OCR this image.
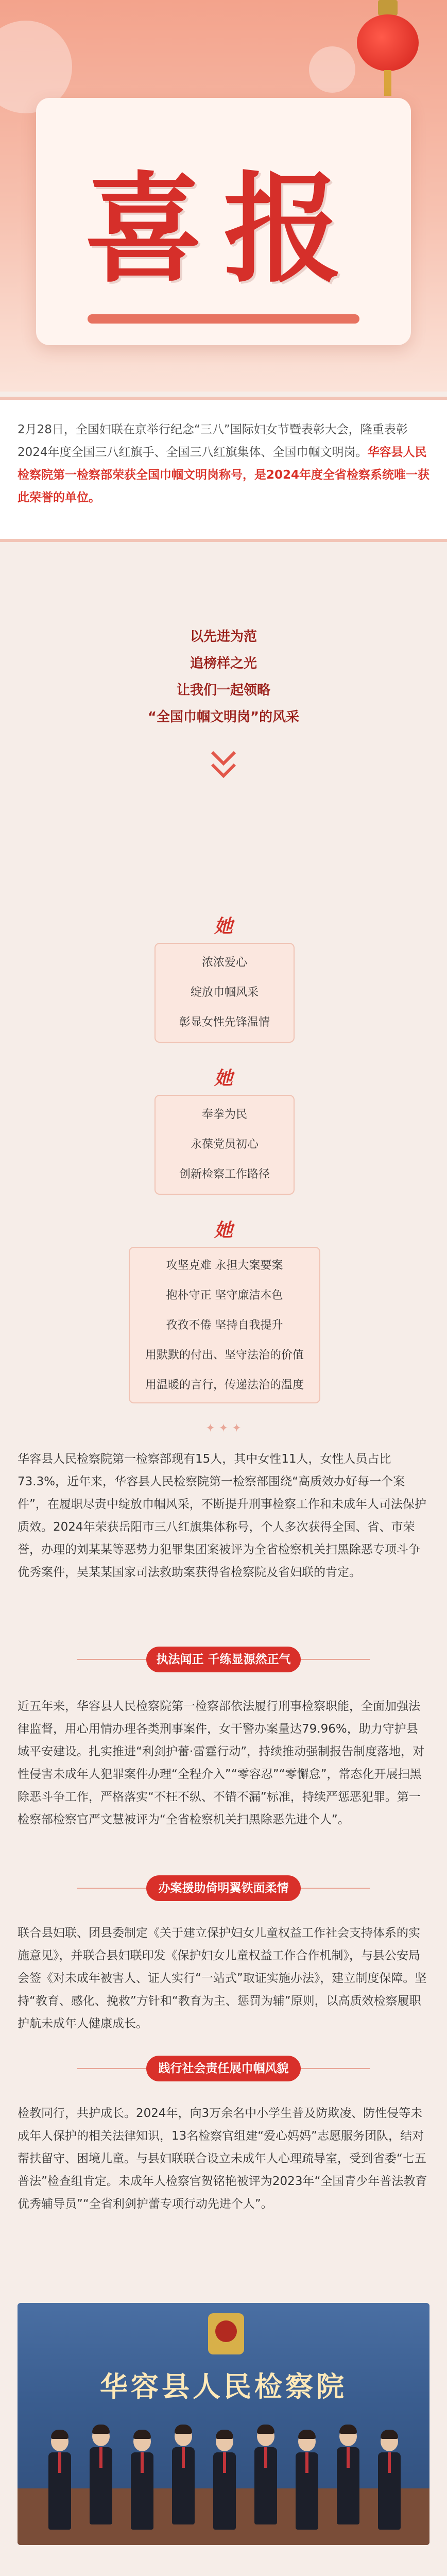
喜报

2月28日，全国妇联在京举行纪念“三八”国际妇女节暨表彰大会，隆重表彰2024年度全国三八红旗手、全国三八红旗集体、全国巾帼文明岗。华容县人民检察院第一检察部荣获全国巾帼文明岗称号，是2024年度全省检察系统唯一获此荣誉的单位。

以先进为范
追榜样之光
让我们一起领略
“全国巾帼文明岗”的风采
她
浓浓爱心
绽放巾帼风采
彰显女性先锋温情
她
奉拳为民
永葆党员初心
创新检察工作路径
她
攻坚克难 永担大案要案
抱朴守正 坚守廉洁本色
孜孜不倦 坚持自我提升
用默默的付出、坚守法治的价值
用温暖的言行，传递法治的温度
✦ ✦ ✦

华容县人民检察院第一检察部现有15人，其中女性11人，女性人员占比73.3%，近年来，华容县人民检察院第一检察部围绕“高质效办好每一个案件”，在履职尽责中绽放巾帼风采，不断提升刑事检察工作和未成年人司法保护质效。2024年荣获岳阳市三八红旗集体称号，个人多次获得全国、省、市荣誉，办理的刘某某等恶势力犯罪集团案被评为全省检察机关扫黑除恶专项斗争优秀案件，吴某某国家司法救助案获得省检察院及省妇联的肯定。

执法闻正 千练显源然正气

近五年来，华容县人民检察院第一检察部依法履行刑事检察职能，全面加强法律监督，用心用情办理各类刑事案件，女干警办案量达79.96%，助力守护县域平安建设。扎实推进“利剑护蕾·雷霆行动”，持续推动强制报告制度落地，对性侵害未成年人犯罪案件办理“全程介入”“零容忍”“零懈怠”，常态化开展扫黑除恶斗争工作，严格落实“不枉不纵、不错不漏”标准，持续严惩恶犯罪。第一检察部检察官严文慧被评为“全省检察机关扫黑除恶先进个人”。

办案援助倚明翼铁面柔情

联合县妇联、团县委制定《关于建立保护妇女儿童权益工作社会支持体系的实施意见》，并联合县妇联印发《保护妇女儿童权益工作合作机制》，与县公安局会签《对未成年被害人、证人实行“一站式”取证实施办法》，建立制度保障。坚持“教育、感化、挽救”方针和“教育为主、惩罚为辅”原则，以高质效检察履职护航未成年人健康成长。

践行社会责任展巾帼风貌

检教同行，共护成长。2024年，向3万余名中小学生普及防欺凌、防性侵等未成年人保护的相关法律知识，13名检察官组建“爱心妈妈”志愿服务团队，结对帮扶留守、困境儿童。与县妇联联合设立未成年人心理疏导室，受到省委“七五普法”检查组肯定。未成年人检察官贺铭艳被评为2023年“全国青少年普法教育优秀辅导员”“全省利剑护蕾专项行动先进个人”。

华容县人民检察院
